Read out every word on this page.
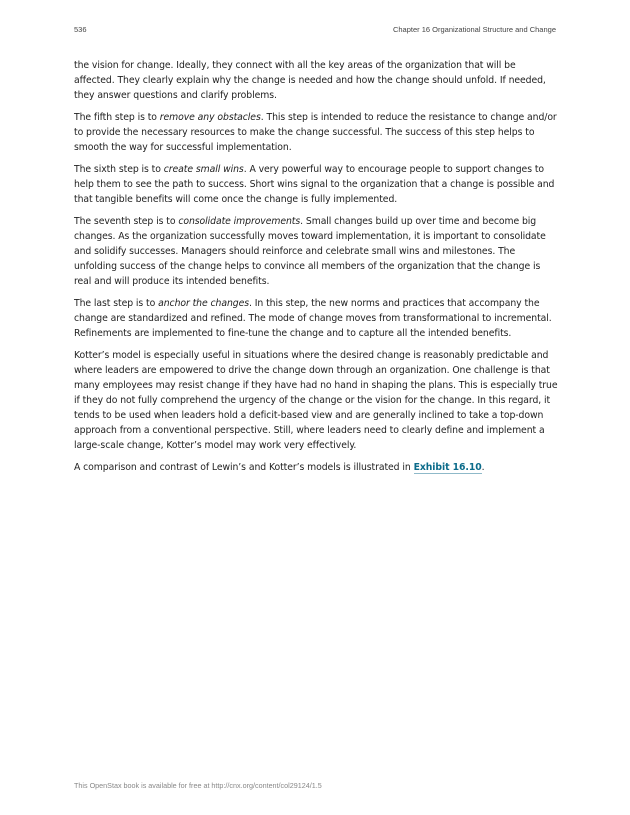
536	Chapter 16 Organizational Structure and Change

the vision for change. Ideally, they connect with all the key areas of the organization that will be affected. They clearly explain why the change is needed and how the change should unfold. If needed, they answer questions and clarify problems.

The fifth step is to remove any obstacles. This step is intended to reduce the resistance to change and/or to provide the necessary resources to make the change successful. The success of this step helps to smooth the way for successful implementation.

The sixth step is to create small wins. A very powerful way to encourage people to support changes to help them to see the path to success. Short wins signal to the organization that a change is possible and that tangible benefits will come once the change is fully implemented.

The seventh step is to consolidate improvements. Small changes build up over time and become big changes. As the organization successfully moves toward implementation, it is important to consolidate and solidify successes. Managers should reinforce and celebrate small wins and milestones. The unfolding success of the change helps to convince all members of the organization that the change is real and will produce its intended benefits.

The last step is to anchor the changes. In this step, the new norms and practices that accompany the change are standardized and refined. The mode of change moves from transformational to incremental. Refinements are implemented to fine-tune the change and to capture all the intended benefits.

Kotter’s model is especially useful in situations where the desired change is reasonably predictable and where leaders are empowered to drive the change down through an organization. One challenge is that many employees may resist change if they have had no hand in shaping the plans. This is especially true if they do not fully comprehend the urgency of the change or the vision for the change. In this regard, it tends to be used when leaders hold a deficit-based view and are generally inclined to take a top-down approach from a conventional perspective. Still, where leaders need to clearly define and implement a large-scale change, Kotter’s model may work very effectively.

A comparison and contrast of Lewin’s and Kotter’s models is illustrated in Exhibit 16.10.

This OpenStax book is available for free at http://cnx.org/content/col29124/1.5
